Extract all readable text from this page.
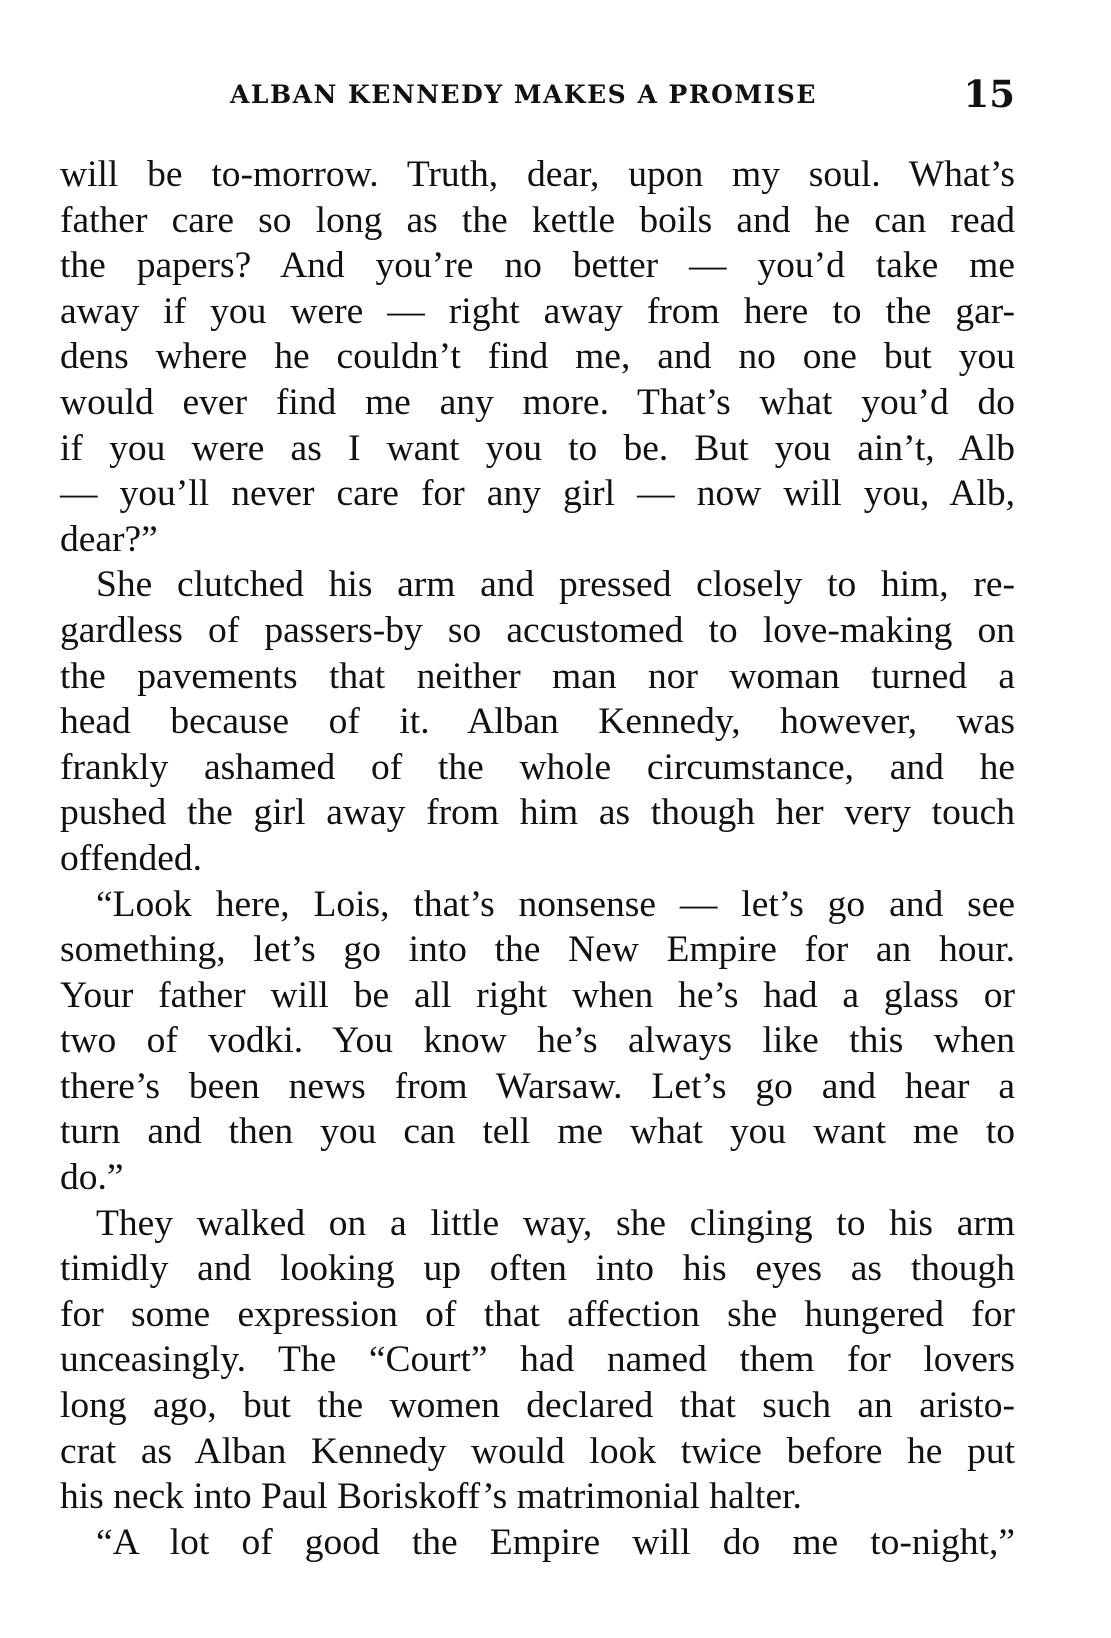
ALBAN KENNEDY MAKES A PROMISE	15
will be to-morrow. Truth, dear, upon my soul. What’s
father care so long as the kettle boils and he can read
the papers? And you’re no better — you’d take me
away if you were — right away from here to the gar-
dens where he couldn’t find me, and no one but you
would ever find me any more. That’s what you’d do
if you were as I want you to be. But you ain’t, Alb
— you’ll never care for any girl — now will you, Alb,
dear?”
She clutched his arm and pressed closely to him, re-
gardless of passers-by so accustomed to love-making on
the pavements that neither man nor woman turned a
head because of it. Alban Kennedy, however, was
frankly ashamed of the whole circumstance, and he
pushed the girl away from him as though her very touch
offended.
“Look here, Lois, that’s nonsense — let’s go and see
something, let’s go into the New Empire for an hour.
Your father will be all right when he’s had a glass or
two of vodki. You know he’s always like this when
there’s been news from Warsaw. Let’s go and hear a
turn and then you can tell me what you want me to
do.”
They walked on a little way, she clinging to his arm
timidly and looking up often into his eyes as though
for some expression of that affection she hungered for
unceasingly. The “Court” had named them for lovers
long ago, but the women declared that such an aristo-
crat as Alban Kennedy would look twice before he put
his neck into Paul Boriskoff’s matrimonial halter.
“A lot of good the Empire will do me to-night,”
